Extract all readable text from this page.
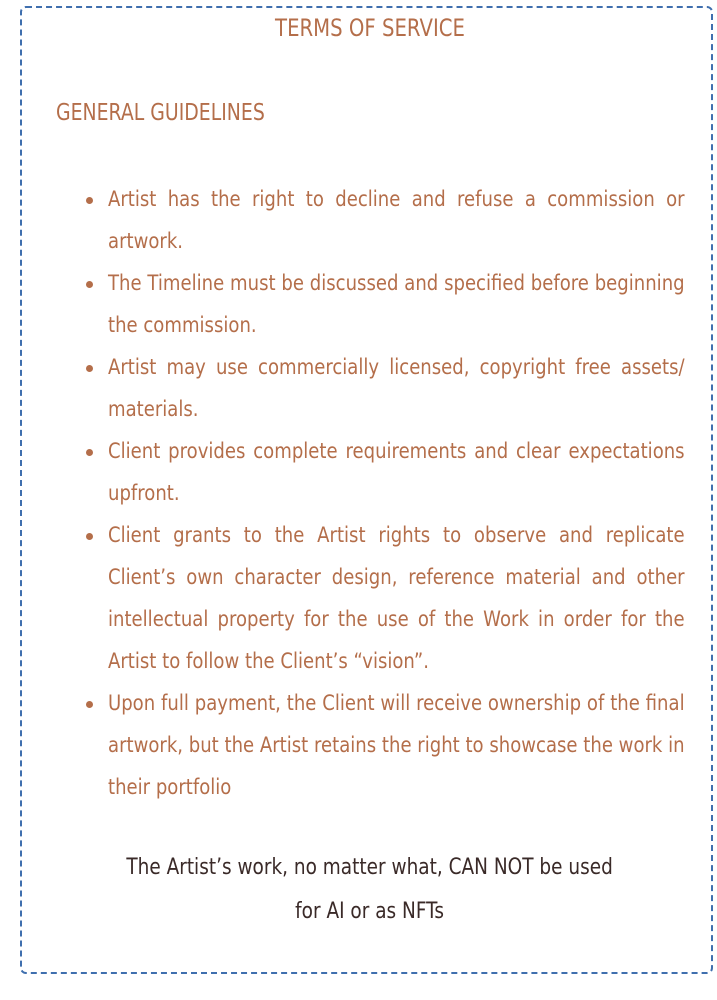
TERMS OF SERVICE
GENERAL GUIDELINES
Artist has the right to decline and refuse a commission or artwork.
The Timeline must be discussed and specified before beginning the commission.
Artist may use commercially licensed, copyright free assets/ materials.
Client provides complete requirements and clear expectations upfront.
Client grants to the Artist rights to observe and replicate Client’s own character design, reference material and other intellectual property for the use of the Work in order for the Artist to follow the Client’s “vision”.
Upon full payment, the Client will receive ownership of the final artwork, but the Artist retains the right to showcase the work in their portfolio
The Artist’s work, no matter what, CAN NOT be used
for AI or as NFTs
